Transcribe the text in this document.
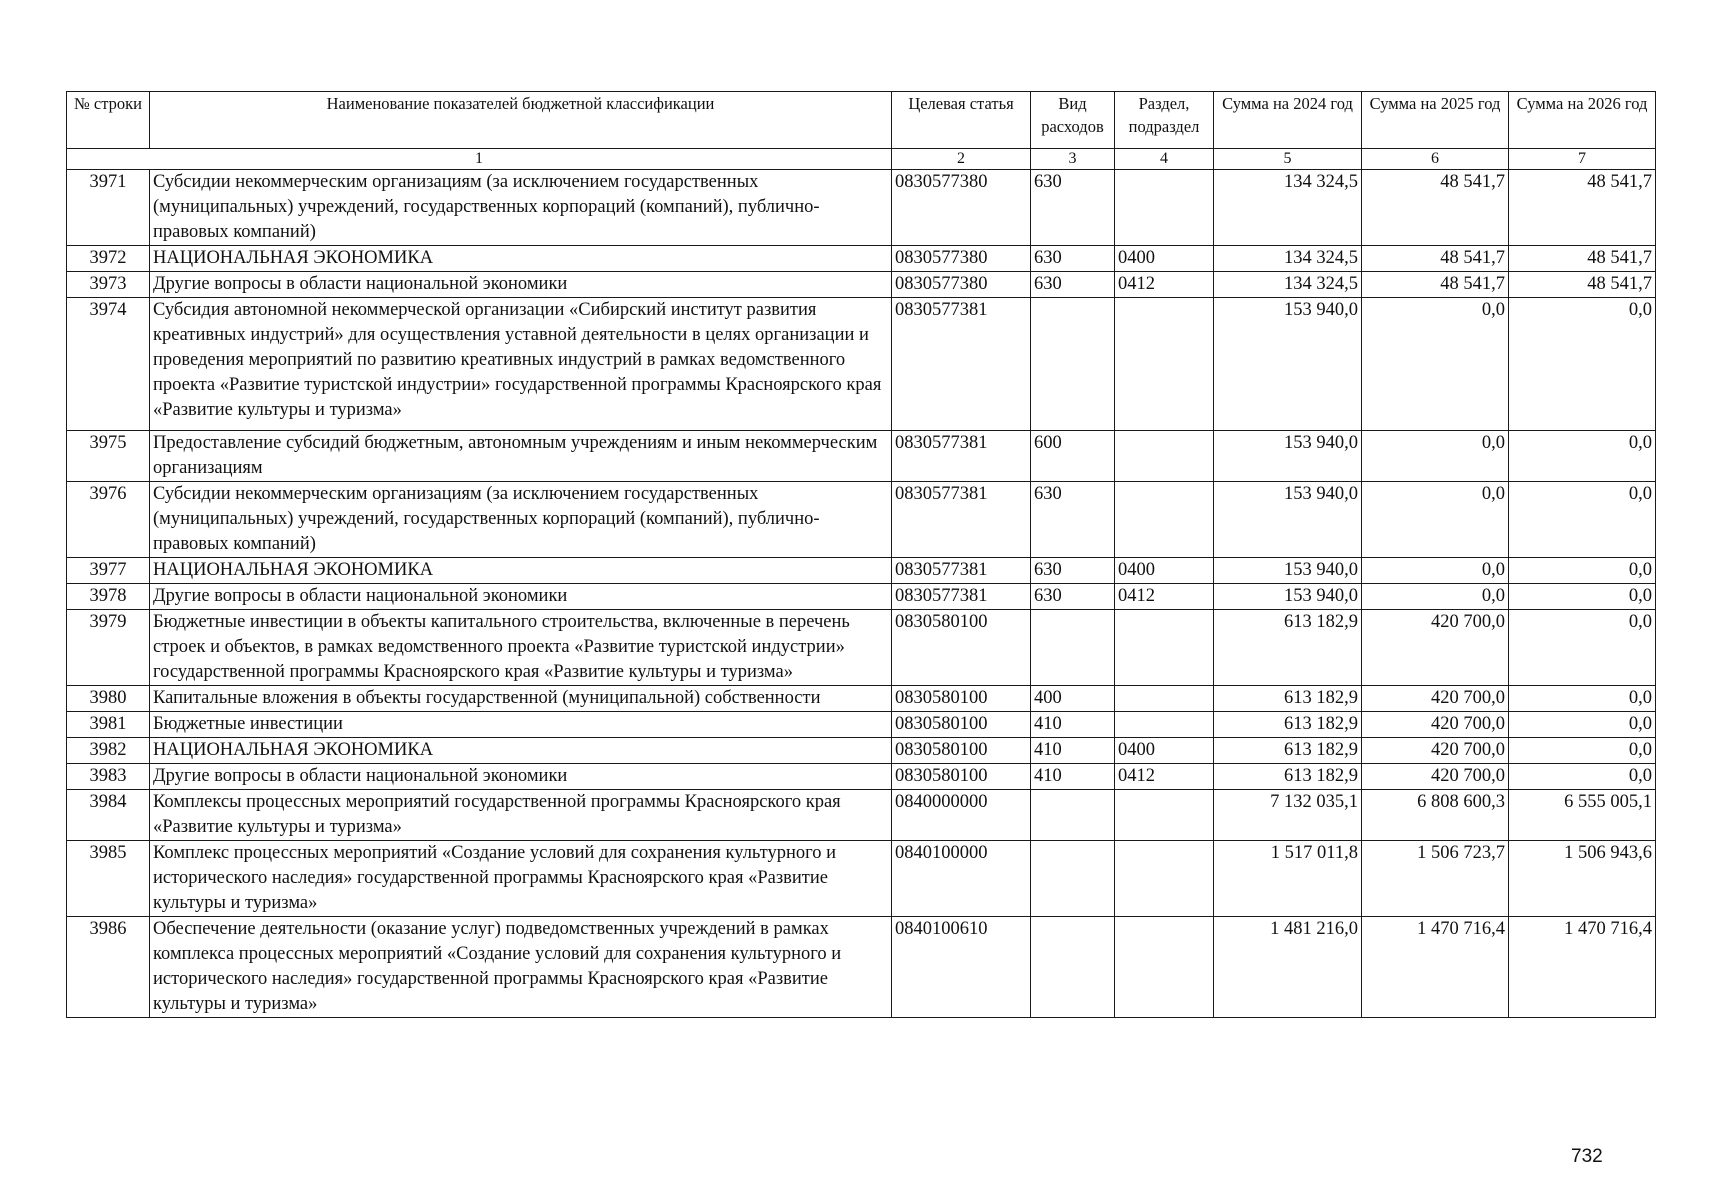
№ строки	Наименование показателей бюджетной классификации	Целевая статья	Вид расходов	Раздел, подраздел	Сумма на 2024 год	Сумма на 2025 год	Сумма на 2026 год
1		2	3	4	5	6	7
3971	Субсидии некоммерческим организациям (за исключением государственных (муниципальных) учреждений, государственных корпораций (компаний), публично-правовых компаний)	0830577380	630		134 324,5	48 541,7	48 541,7
3972	НАЦИОНАЛЬНАЯ ЭКОНОМИКА	0830577380	630	0400	134 324,5	48 541,7	48 541,7
3973	Другие вопросы в области национальной экономики	0830577380	630	0412	134 324,5	48 541,7	48 541,7
3974	Субсидия автономной некоммерческой организации «Сибирский институт развития креативных индустрий» для осуществления уставной деятельности в целях организации и проведения мероприятий по развитию креативных индустрий в рамках ведомственного проекта «Развитие туристской индустрии» государственной программы Красноярского края «Развитие культуры и туризма»	0830577381			153 940,0	0,0	0,0
3975	Предоставление субсидий бюджетным, автономным учреждениям и иным некоммерческим организациям	0830577381	600		153 940,0	0,0	0,0
3976	Субсидии некоммерческим организациям (за исключением государственных (муниципальных) учреждений, государственных корпораций (компаний), публично-правовых компаний)	0830577381	630		153 940,0	0,0	0,0
3977	НАЦИОНАЛЬНАЯ ЭКОНОМИКА	0830577381	630	0400	153 940,0	0,0	0,0
3978	Другие вопросы в области национальной экономики	0830577381	630	0412	153 940,0	0,0	0,0
3979	Бюджетные инвестиции в объекты капитального строительства, включенные в перечень строек и объектов, в рамках ведомственного проекта «Развитие туристской индустрии» государственной программы Красноярского края «Развитие культуры и туризма»	0830580100			613 182,9	420 700,0	0,0
3980	Капитальные вложения в объекты государственной (муниципальной) собственности	0830580100	400		613 182,9	420 700,0	0,0
3981	Бюджетные инвестиции	0830580100	410		613 182,9	420 700,0	0,0
3982	НАЦИОНАЛЬНАЯ ЭКОНОМИКА	0830580100	410	0400	613 182,9	420 700,0	0,0
3983	Другие вопросы в области национальной экономики	0830580100	410	0412	613 182,9	420 700,0	0,0
3984	Комплексы процессных мероприятий государственной программы Красноярского края «Развитие культуры и туризма»	0840000000			7 132 035,1	6 808 600,3	6 555 005,1
3985	Комплекс процессных мероприятий «Создание условий для сохранения культурного и исторического наследия» государственной программы Красноярского края «Развитие культуры и туризма»	0840100000			1 517 011,8	1 506 723,7	1 506 943,6
3986	Обеспечение деятельности (оказание услуг) подведомственных учреждений в рамках комплекса процессных мероприятий «Создание условий для сохранения культурного и исторического наследия» государственной программы Красноярского края «Развитие культуры и туризма»	0840100610			1 481 216,0	1 470 716,4	1 470 716,4
732
